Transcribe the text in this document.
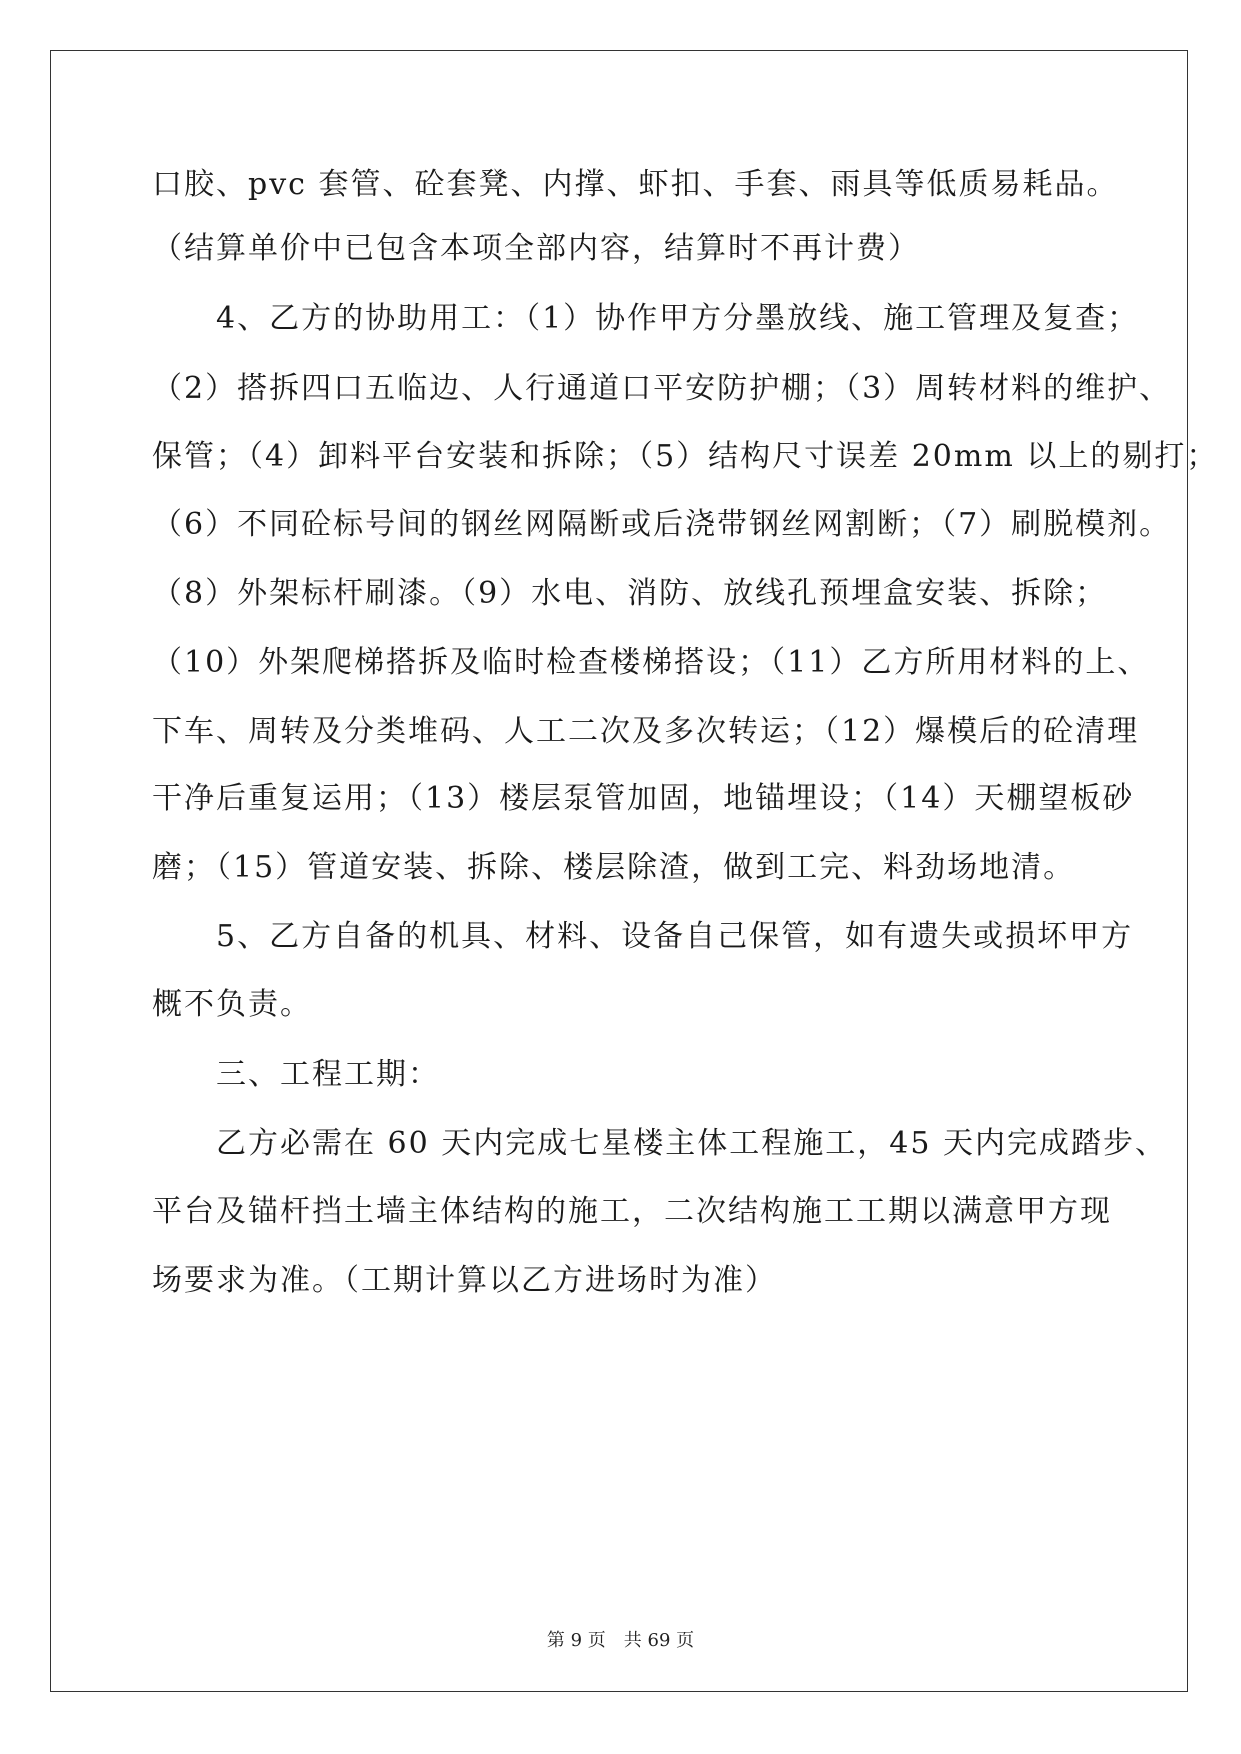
口胶、pvc 套管、砼套凳、内撑、虾扣、手套、雨具等低质易耗品。
（结算单价中已包含本项全部内容，结算时不再计费）
　　4、乙方的协助用工：（1）协作甲方分墨放线、施工管理及复查；
（2）搭拆四口五临边、人行通道口平安防护棚；（3）周转材料的维护、
保管；（4）卸料平台安装和拆除；（5）结构尺寸误差 20mm 以上的剔打；
（6）不同砼标号间的钢丝网隔断或后浇带钢丝网割断；（7）刷脱模剂。
（8）外架标杆刷漆。（9）水电、消防、放线孔预埋盒安装、拆除；
（10）外架爬梯搭拆及临时检查楼梯搭设；（11）乙方所用材料的上、
下车、周转及分类堆码、人工二次及多次转运；（12）爆模后的砼清理
干净后重复运用；（13）楼层泵管加固，地锚埋设；（14）天棚望板砂
磨；（15）管道安装、拆除、楼层除渣，做到工完、料劲场地清。
　　5、乙方自备的机具、材料、设备自己保管，如有遗失或损坏甲方
概不负责。
　　三、工程工期：
　　乙方必需在 60 天内完成七星楼主体工程施工，45 天内完成踏步、
平台及锚杆挡土墙主体结构的施工，二次结构施工工期以满意甲方现
场要求为准。（工期计算以乙方进场时为准）
第 9 页　共 69 页
